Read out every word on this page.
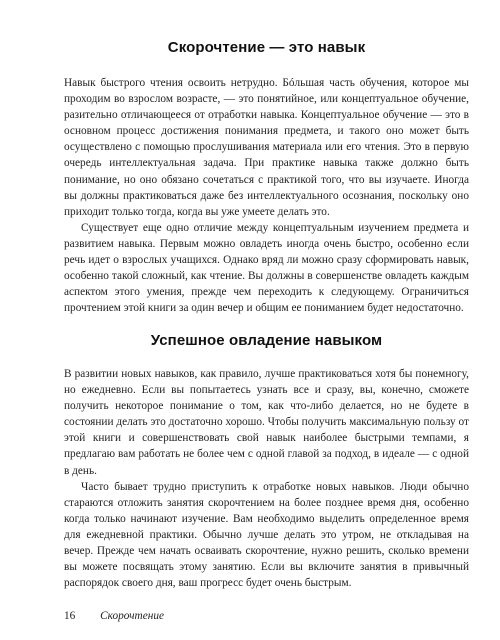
Скорочтение — это навык

Навык быстрого чтения освоить нетрудно. Бóльшая часть обучения, которое мы проходим во взрослом возрасте, — это понятийное, или концептуальное обучение, разительно отличающееся от отработки навыка. Концептуальное обучение — это в основном процесс достижения понимания предмета, и такого оно может быть осуществлено с помощью прослушивания материала или его чтения. Это в первую очередь интеллектуальная задача. При практике навыка также должно быть понимание, но оно обязано сочетаться с практикой того, что вы изучаете. Иногда вы должны практиковаться даже без интеллектуального осознания, поскольку оно приходит только тогда, когда вы уже умеете делать это.

Существует еще одно отличие между концептуальным изучением предмета и развитием навыка. Первым можно овладеть иногда очень быстро, особенно если речь идет о взрослых учащихся. Однако вряд ли можно сразу сформировать навык, особенно такой сложный, как чтение. Вы должны в совершенстве овладеть каждым аспектом этого умения, прежде чем переходить к следующему. Ограничиться прочтением этой книги за один вечер и общим ее пониманием будет недостаточно.

Успешное овладение навыком

В развитии новых навыков, как правило, лучше практиковаться хотя бы понемногу, но ежедневно. Если вы попытаетесь узнать все и сразу, вы, конечно, сможете получить некоторое понимание о том, как что-либо делается, но не будете в состоянии делать это достаточно хорошо. Чтобы получить максимальную пользу от этой книги и совершенствовать свой навык наиболее быстрыми темпами, я предлагаю вам работать не более чем с одной главой за подход, в идеале — с одной в день.

Часто бывает трудно приступить к отработке новых навыков. Люди обычно стараются отложить занятия скорочтением на более позднее время дня, особенно когда только начинают изучение. Вам необходимо выделить определенное время для ежедневной практики. Обычно лучше делать это утром, не откладывая на вечер. Прежде чем начать осваивать скорочтение, нужно решить, сколько времени вы можете посвящать этому занятию. Если вы включите занятия в привычный распорядок своего дня, ваш прогресс будет очень быстрым.

16 Скорочтение
